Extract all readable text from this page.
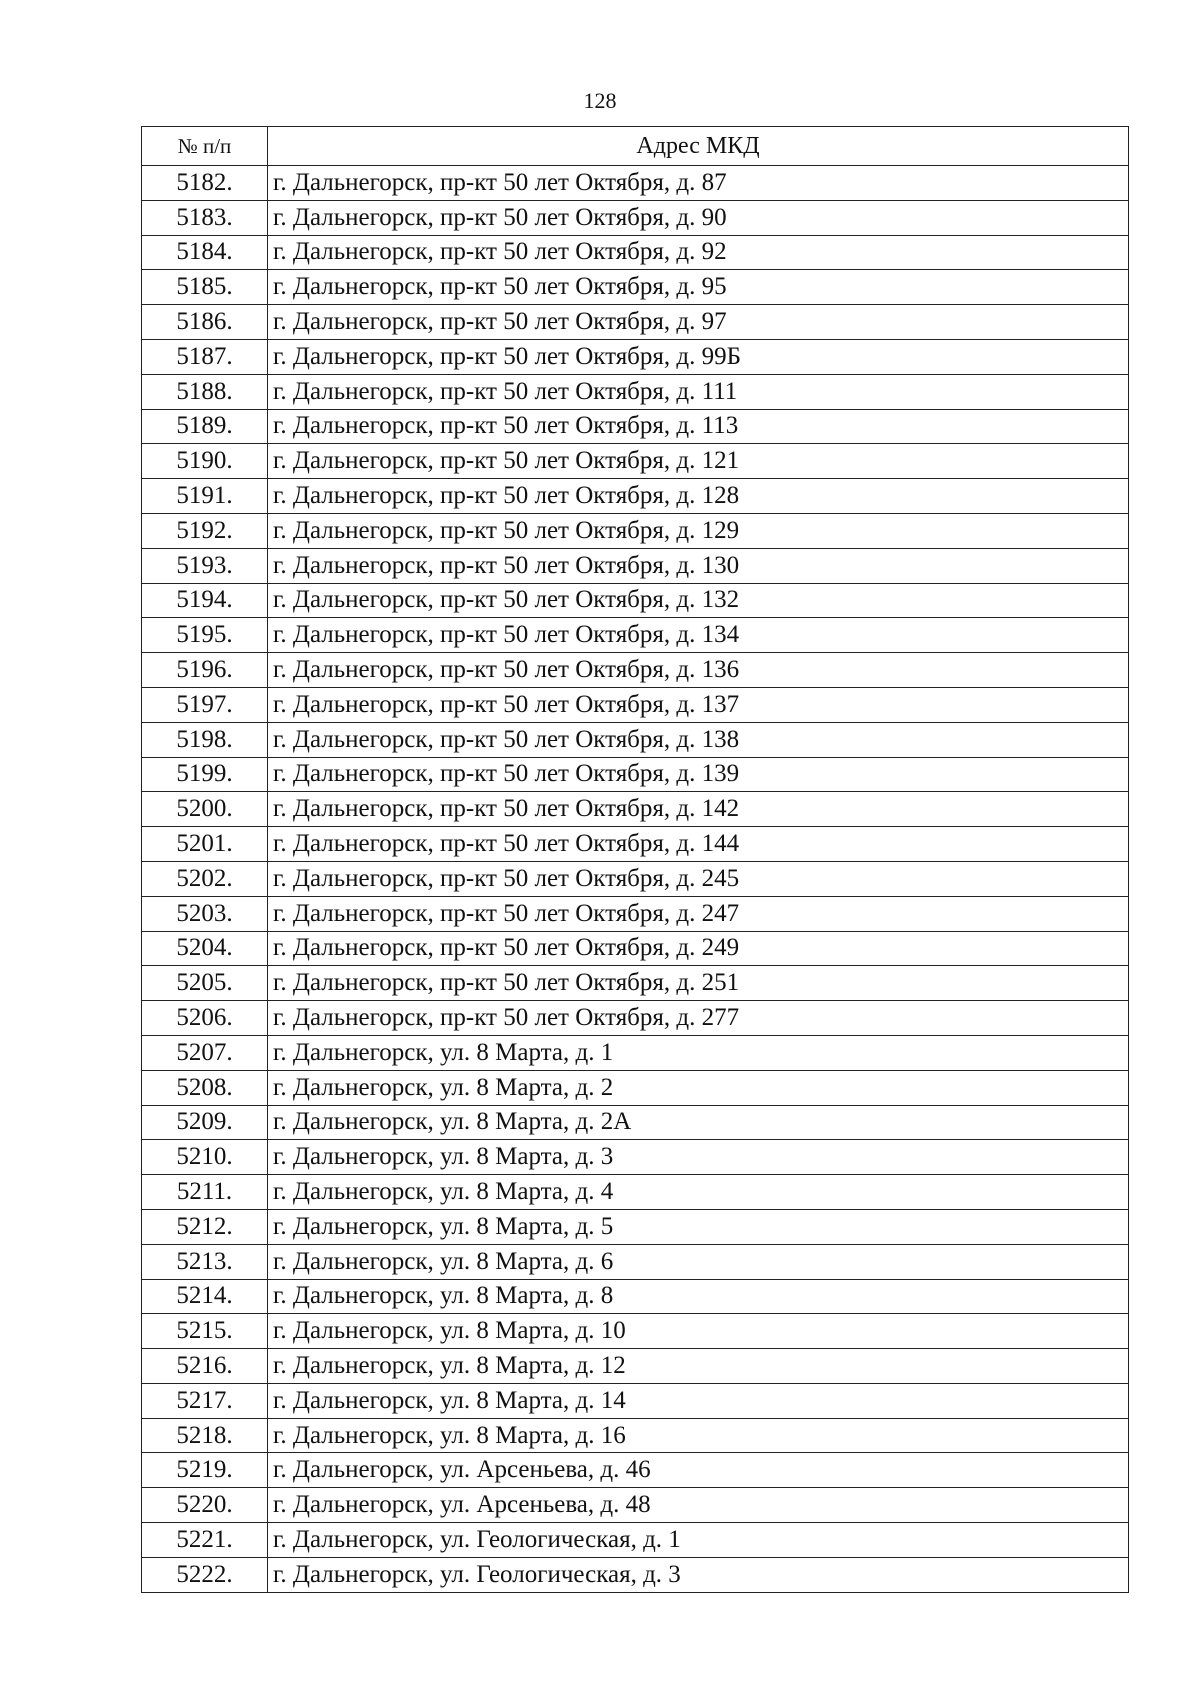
128
№ п/п	Адрес МКД
5182.	г. Дальнегорск, пр-кт 50 лет Октября, д. 87
5183.	г. Дальнегорск, пр-кт 50 лет Октября, д. 90
5184.	г. Дальнегорск, пр-кт 50 лет Октября, д. 92
5185.	г. Дальнегорск, пр-кт 50 лет Октября, д. 95
5186.	г. Дальнегорск, пр-кт 50 лет Октября, д. 97
5187.	г. Дальнегорск, пр-кт 50 лет Октября, д. 99Б
5188.	г. Дальнегорск, пр-кт 50 лет Октября, д. 111
5189.	г. Дальнегорск, пр-кт 50 лет Октября, д. 113
5190.	г. Дальнегорск, пр-кт 50 лет Октября, д. 121
5191.	г. Дальнегорск, пр-кт 50 лет Октября, д. 128
5192.	г. Дальнегорск, пр-кт 50 лет Октября, д. 129
5193.	г. Дальнегорск, пр-кт 50 лет Октября, д. 130
5194.	г. Дальнегорск, пр-кт 50 лет Октября, д. 132
5195.	г. Дальнегорск, пр-кт 50 лет Октября, д. 134
5196.	г. Дальнегорск, пр-кт 50 лет Октября, д. 136
5197.	г. Дальнегорск, пр-кт 50 лет Октября, д. 137
5198.	г. Дальнегорск, пр-кт 50 лет Октября, д. 138
5199.	г. Дальнегорск, пр-кт 50 лет Октября, д. 139
5200.	г. Дальнегорск, пр-кт 50 лет Октября, д. 142
5201.	г. Дальнегорск, пр-кт 50 лет Октября, д. 144
5202.	г. Дальнегорск, пр-кт 50 лет Октября, д. 245
5203.	г. Дальнегорск, пр-кт 50 лет Октября, д. 247
5204.	г. Дальнегорск, пр-кт 50 лет Октября, д. 249
5205.	г. Дальнегорск, пр-кт 50 лет Октября, д. 251
5206.	г. Дальнегорск, пр-кт 50 лет Октября, д. 277
5207.	г. Дальнегорск, ул. 8 Марта, д. 1
5208.	г. Дальнегорск, ул. 8 Марта, д. 2
5209.	г. Дальнегорск, ул. 8 Марта, д. 2А
5210.	г. Дальнегорск, ул. 8 Марта, д. 3
5211.	г. Дальнегорск, ул. 8 Марта, д. 4
5212.	г. Дальнегорск, ул. 8 Марта, д. 5
5213.	г. Дальнегорск, ул. 8 Марта, д. 6
5214.	г. Дальнегорск, ул. 8 Марта, д. 8
5215.	г. Дальнегорск, ул. 8 Марта, д. 10
5216.	г. Дальнегорск, ул. 8 Марта, д. 12
5217.	г. Дальнегорск, ул. 8 Марта, д. 14
5218.	г. Дальнегорск, ул. 8 Марта, д. 16
5219.	г. Дальнегорск, ул. Арсеньева, д. 46
5220.	г. Дальнегорск, ул. Арсеньева, д. 48
5221.	г. Дальнегорск, ул. Геологическая, д. 1
5222.	г. Дальнегорск, ул. Геологическая, д. 3
